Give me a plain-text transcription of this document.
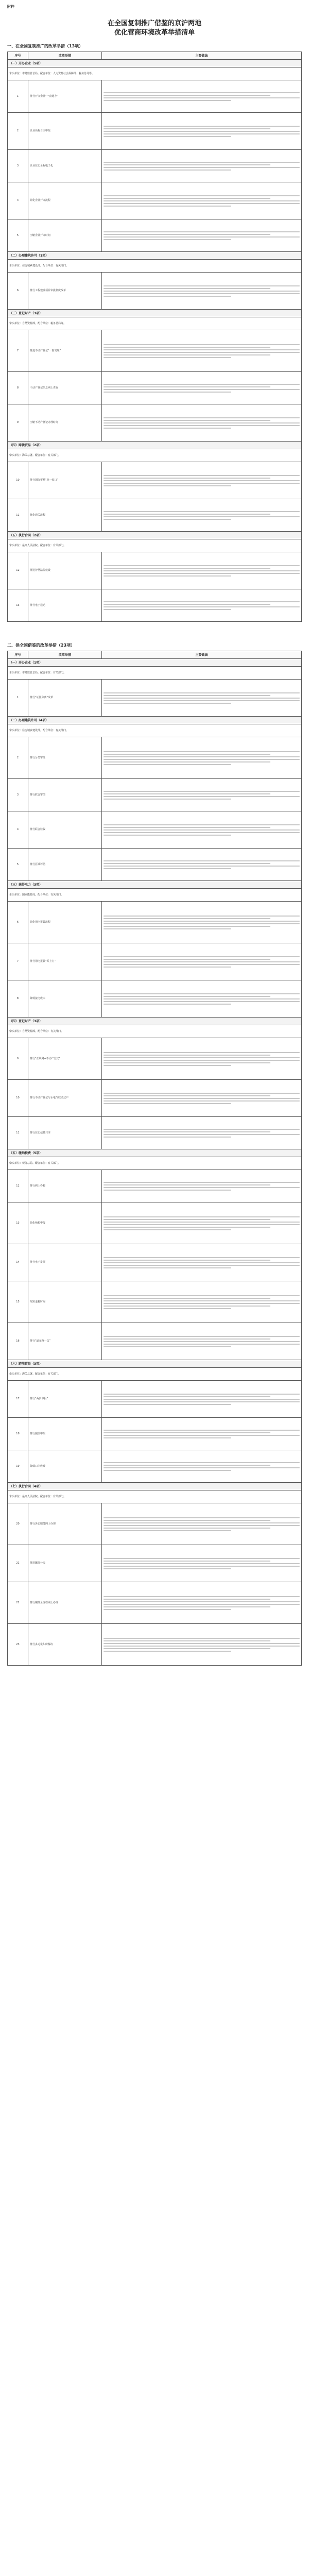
附件
在全国复制推广借鉴的京沪两地
优化营商环境改革举措清单
一、在全国复制推广的改革举措（13项）
序号	改革举措	主要做法
（一）开办企业（5项）		
牵头单位：市场监管总局。配合单位：人力资源社会保障部、税务总局等。		
1	推行开办企业“一窗通办”	

2	企业名称自主申报	

3	企业登记全程电子化	

4	简化企业开办流程	

5	压缩企业开办时间	

（二）办理建筑许可（1项）		
牵头单位：住房城乡建设部。配合单位：有关部门。		
6	推行工程建设项目审批制度改革	

（三）登记财产（3项）		
牵头单位：自然资源部。配合单位：税务总局等。		
7	推进不动产登记“一窗受理”	

8	不动产登记信息网上查询	

9	压缩不动产登记办理时间	

（四）跨境贸易（2项）		
牵头单位：海关总署。配合单位：有关部门。		
10	推行国际贸易“单一窗口”	

11	优化通关流程	

（五）执行合同（2项）		
牵头单位：最高人民法院。配合单位：有关部门。		
12	推进智慧法院建设	

13	推行电子送达	
二、供全国借鉴的改革举措（23项）
序号	改革举措	主要做法
（一）开办企业（1项）		
牵头单位：市场监管总局。配合单位：有关部门。		
1	推行“证照分离”改革	

（二）办理建筑许可（4项）		
牵头单位：住房城乡建设部。配合单位：有关部门。		
2	推行分类审批	

3	推行联合审图	

4	推行联合验收	

5	推行区域评估	

（三）获得电力（3项）		
牵头单位：国家能源局。配合单位：有关部门。		
6	简化用电报装流程	

7	推行用电报装“零上门”	

8	降低接电成本	

（四）登记财产（3项）		
牵头单位：自然资源部。配合单位：有关部门。		
9	推行“互联网+不动产登记”	

10	推行不动产登记与水电气联动过户	

11	推行登记信息共享	

（五）缴纳税费（5项）		
牵头单位：税务总局。配合单位：有关部门。		
12	推行网上办税	

13	简化纳税申报	

14	推行电子发票	

15	缩短退税时间	

16	推行“最多跑一次”	

（六）跨境贸易（3项）		
牵头单位：海关总署。配合单位：有关部门。		
17	推行“两步申报”	

18	推行提前申报	

19	降低口岸收费	

（七）执行合同（4项）		
牵头单位：最高人民法院。配合单位：有关部门。		
20	推行诉讼服务网上办理	

21	推进繁简分流	

22	推行案件全流程网上办理	

23	推行多元化纠纷解决	
